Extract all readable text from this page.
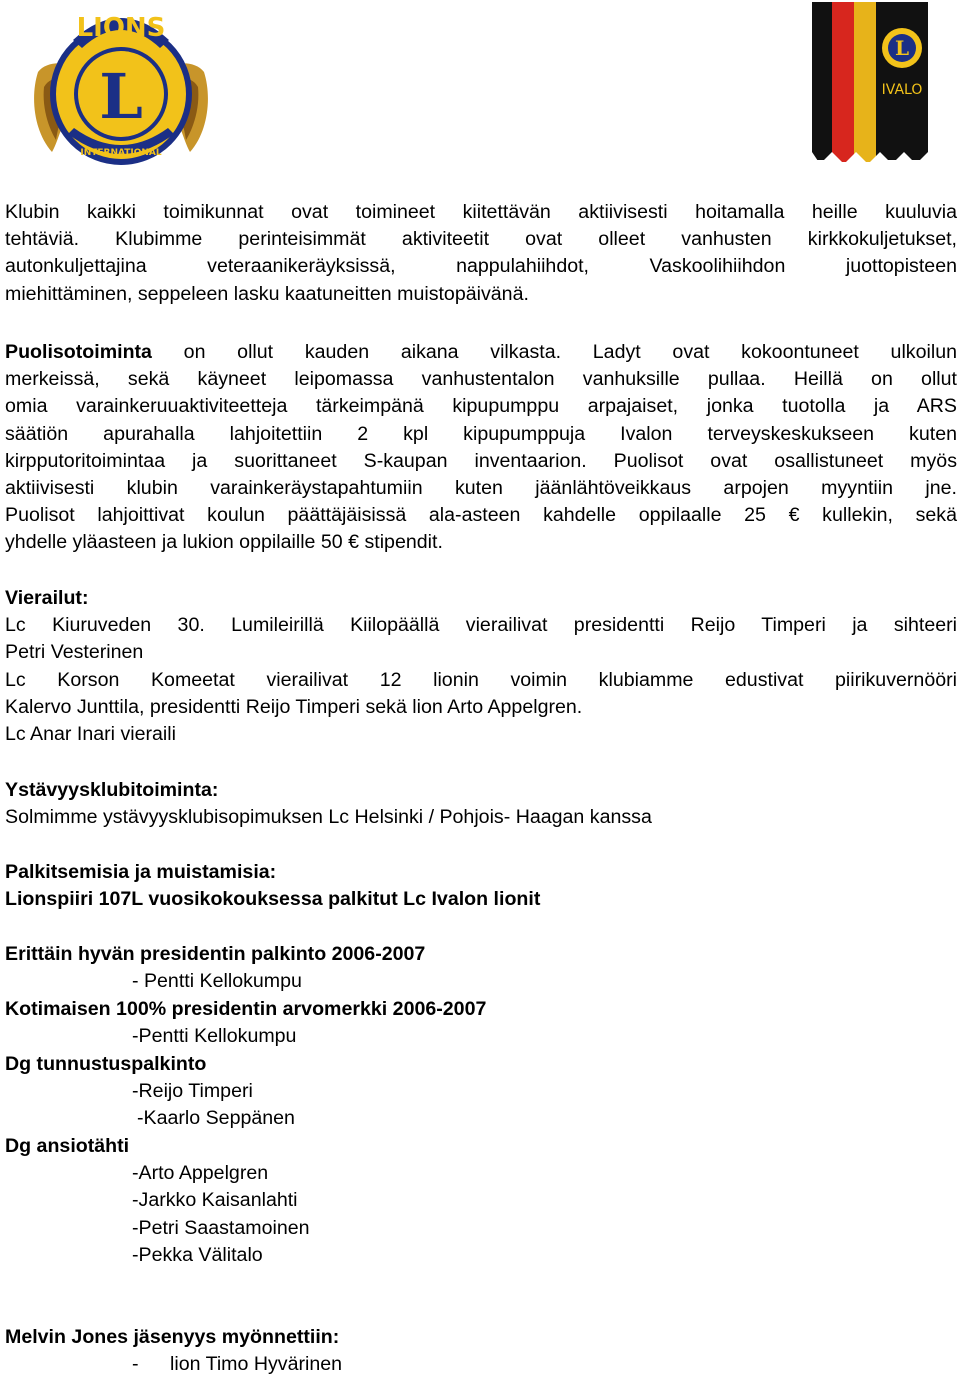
LIONS
L
INTERNATIONAL
L
IVALO
Klubin kaikki toimikunnat ovat toimineet kiitettävän aktiivisesti hoitamalla heille kuuluvia
tehtäviä. Klubimme perinteisimmät aktiviteetit ovat olleet vanhusten kirkkokuljetukset,
autonkuljettajina veteraanikeräyksissä, nappulahiihdot, Vaskoolihiihdon juottopisteen
miehittäminen, seppeleen lasku kaatuneitten muistopäivänä.
Puolisotoiminta on ollut kauden aikana vilkasta. Ladyt ovat kokoontuneet ulkoilun
merkeissä, sekä käyneet leipomassa vanhustentalon vanhuksille pullaa. Heillä on ollut
omia varainkeruuaktiviteetteja tärkeimpänä kipupumppu arpajaiset, jonka tuotolla ja ARS
säätiön apurahalla lahjoitettiin 2 kpl kipupumppuja Ivalon terveyskeskukseen kuten
kirpputoritoimintaa ja suorittaneet S-kaupan inventaarion. Puolisot ovat osallistuneet myös
aktiivisesti klubin varainkeräystapahtumiin kuten jäänlähtöveikkaus arpojen myyntiin jne.
Puolisot lahjoittivat koulun päättäjäisissä ala-asteen kahdelle oppilaalle 25 € kullekin, sekä
yhdelle yläasteen ja lukion oppilaille 50 € stipendit.
Vierailut:
Lc Kiuruveden 30. Lumileirillä Kiilopäällä vierailivat presidentti Reijo Timperi ja sihteeri
Petri Vesterinen
Lc Korson Komeetat vierailivat 12 lionin voimin klubiamme edustivat piirikuvernööri
Kalervo Junttila, presidentti Reijo Timperi sekä lion Arto Appelgren.
Lc Anar Inari vieraili
Ystävyysklubitoiminta:
Solmimme ystävyysklubisopimuksen Lc Helsinki / Pohjois- Haagan kanssa
Palkitsemisia ja muistamisia:
Lionspiiri 107L vuosikokouksessa palkitut Lc Ivalon lionit
Erittäin hyvän presidentin palkinto 2006-2007
- Pentti Kellokumpu
Kotimaisen 100% presidentin arvomerkki 2006-2007
-Pentti Kellokumpu
Dg tunnustuspalkinto
-Reijo Timperi
-Kaarlo Seppänen
Dg ansiotähti
-Arto Appelgren
-Jarkko Kaisanlahti
-Petri Saastamoinen
-Pekka Välitalo
Melvin Jones jäsenyys myönnettiin:
- lion Timo Hyvärinen
